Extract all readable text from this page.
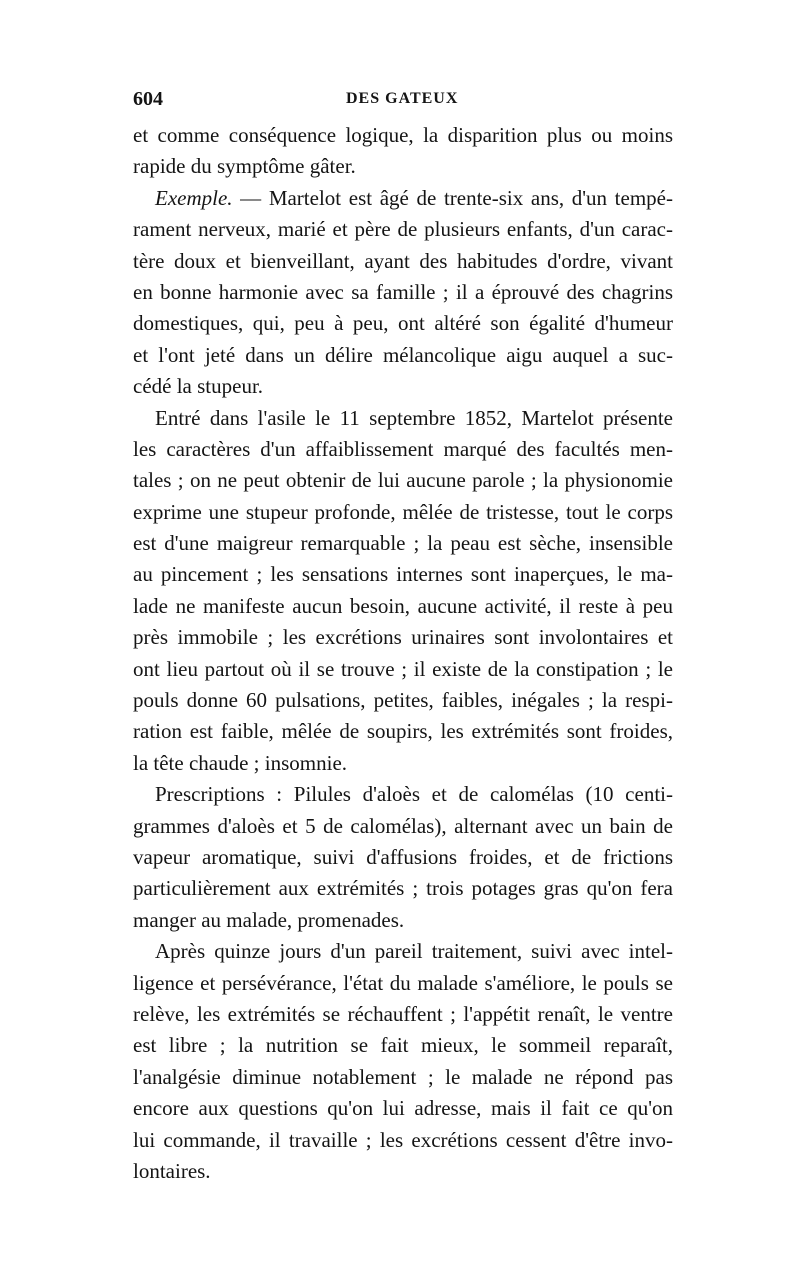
604	DES GATEUX
et comme conséquence logique, la disparition plus ou moins
rapide du symptôme gâter.
Exemple. — Martelot est âgé de trente-six ans, d'un tempé-
rament nerveux, marié et père de plusieurs enfants, d'un carac-
tère doux et bienveillant, ayant des habitudes d'ordre, vivant
en bonne harmonie avec sa famille ; il a éprouvé des chagrins
domestiques, qui, peu à peu, ont altéré son égalité d'humeur
et l'ont jeté dans un délire mélancolique aigu auquel a suc-
cédé la stupeur.
Entré dans l'asile le 11 septembre 1852, Martelot présente
les caractères d'un affaiblissement marqué des facultés men-
tales ; on ne peut obtenir de lui aucune parole ; la physionomie
exprime une stupeur profonde, mêlée de tristesse, tout le corps
est d'une maigreur remarquable ; la peau est sèche, insensible
au pincement ; les sensations internes sont inaperçues, le ma-
lade ne manifeste aucun besoin, aucune activité, il reste à peu
près immobile ; les excrétions urinaires sont involontaires et
ont lieu partout où il se trouve ; il existe de la constipation ; le
pouls donne 60 pulsations, petites, faibles, inégales ; la respi-
ration est faible, mêlée de soupirs, les extrémités sont froides,
la tête chaude ; insomnie.
Prescriptions : Pilules d'aloès et de calomélas (10 centi-
grammes d'aloès et 5 de calomélas), alternant avec un bain de
vapeur aromatique, suivi d'affusions froides, et de frictions
particulièrement aux extrémités ; trois potages gras qu'on fera
manger au malade, promenades.
Après quinze jours d'un pareil traitement, suivi avec intel-
ligence et persévérance, l'état du malade s'améliore, le pouls se
relève, les extrémités se réchauffent ; l'appétit renaît, le ventre
est libre ; la nutrition se fait mieux, le sommeil reparaît,
l'analgésie diminue notablement ; le malade ne répond pas
encore aux questions qu'on lui adresse, mais il fait ce qu'on
lui commande, il travaille ; les excrétions cessent d'être invo-
lontaires.
